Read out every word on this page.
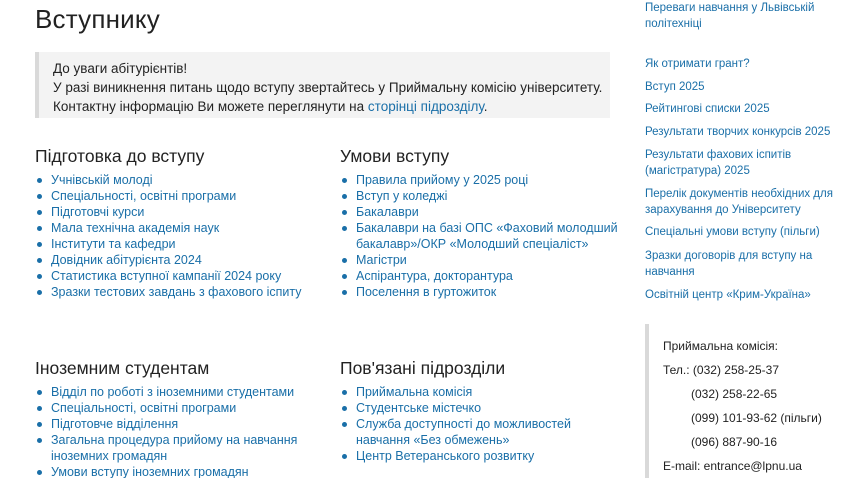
Вступнику
До уваги абітурієнтів!
У разі виникнення питань щодо вступу звертайтесь у Приймальну комісію університету.
Контактну інформацію Ви можете переглянути на сторінці підрозділу.
Підготовка до вступу
Учнівській молоді
Спеціальності, освітні програми
Підготовчі курси
Мала технічна академія наук
Інститути та кафедри
Довідник абітурієнта 2024
Статистика вступної кампанії 2024 року
Зразки тестових завдань з фахового іспиту
Умови вступу
Правила прийому у 2025 році
Вступ у коледжі
Бакалаври
Бакалаври на базі ОПС «Фаховий молодший бакалавр»/ОКР «Молодший спеціаліст»
Магістри
Аспірантура, докторантура
Поселення в гуртожиток
Іноземним студентам
Відділ по роботі з іноземними студентами
Спеціальності, освітні програми
Підготовче відділення
Загальна процедура прийому на навчання іноземних громадян
Умови вступу іноземних громадян
Пов'язані підрозділи
Приймальна комісія
Студентське містечко
Служба доступності до можливостей навчання «Без обмежень»
Центр Ветеранського розвитку
Переваги навчання у Львівській політехніці
Як отримати грант?
Вступ 2025
Рейтингові списки 2025
Результати творчих конкурсів 2025
Результати фахових іспитів (магістратура) 2025
Перелік документів необхідних для зарахування до Університету
Спеціальні умови вступу (пільги)
Зразки договорів для вступу на навчання
Освітній центр «Крим-Україна»
Приймальна комісія:
Тел.: (032) 258-25-37
(032) 258-22-65
(099) 101-93-62 (пільги)
(096) 887-90-16
E-mail: entrance@lpnu.ua
